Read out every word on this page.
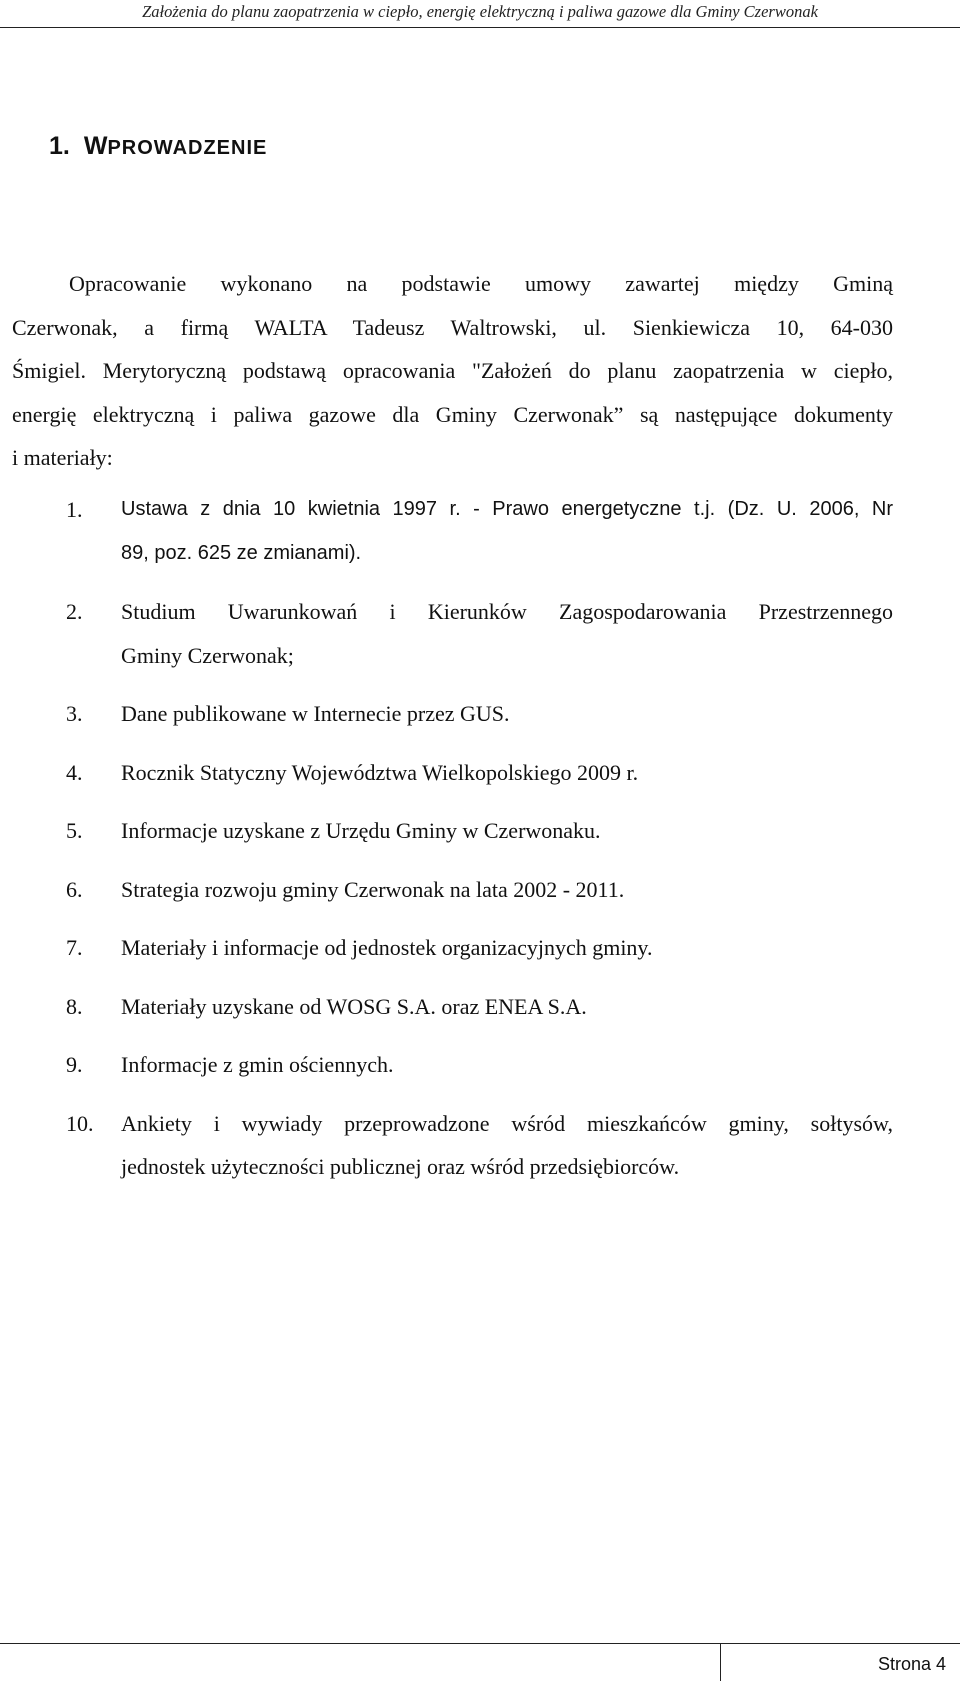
Założenia do planu zaopatrzenia w ciepło, energię elektryczną i paliwa gazowe dla Gminy Czerwonak
1. WPROWADZENIE

Opracowanie wykonano na podstawie umowy zawartej między Gminą
Czerwonak, a firmą WALTA Tadeusz Waltrowski, ul. Sienkiewicza 10, 64-030
Śmigiel. Merytoryczną podstawą opracowania "Założeń do planu zaopatrzenia w ciepło,
energię elektryczną i paliwa gazowe dla Gminy Czerwonak” są następujące dokumenty
i materiały:

1. Ustawa z dnia 10 kwietnia 1997 r. - Prawo energetyczne t.j. (Dz. U. 2006, Nr
89, poz. 625 ze zmianami).
2. Studium Uwarunkowań i Kierunków Zagospodarowania Przestrzennego
Gminy Czerwonak;
3. Dane publikowane w Internecie przez GUS.
4. Rocznik Statyczny Województwa Wielkopolskiego 2009 r.
5. Informacje uzyskane z Urzędu Gminy w Czerwonaku.
6. Strategia rozwoju gminy Czerwonak na lata 2002 - 2011.
7. Materiały i informacje od jednostek organizacyjnych gminy.
8. Materiały uzyskane od WOSG S.A. oraz ENEA S.A.
9. Informacje z gmin ościennych.
10. Ankiety i wywiady przeprowadzone wśród mieszkańców gminy, sołtysów,
jednostek użyteczności publicznej oraz wśród przedsiębiorców.
Strona 4
